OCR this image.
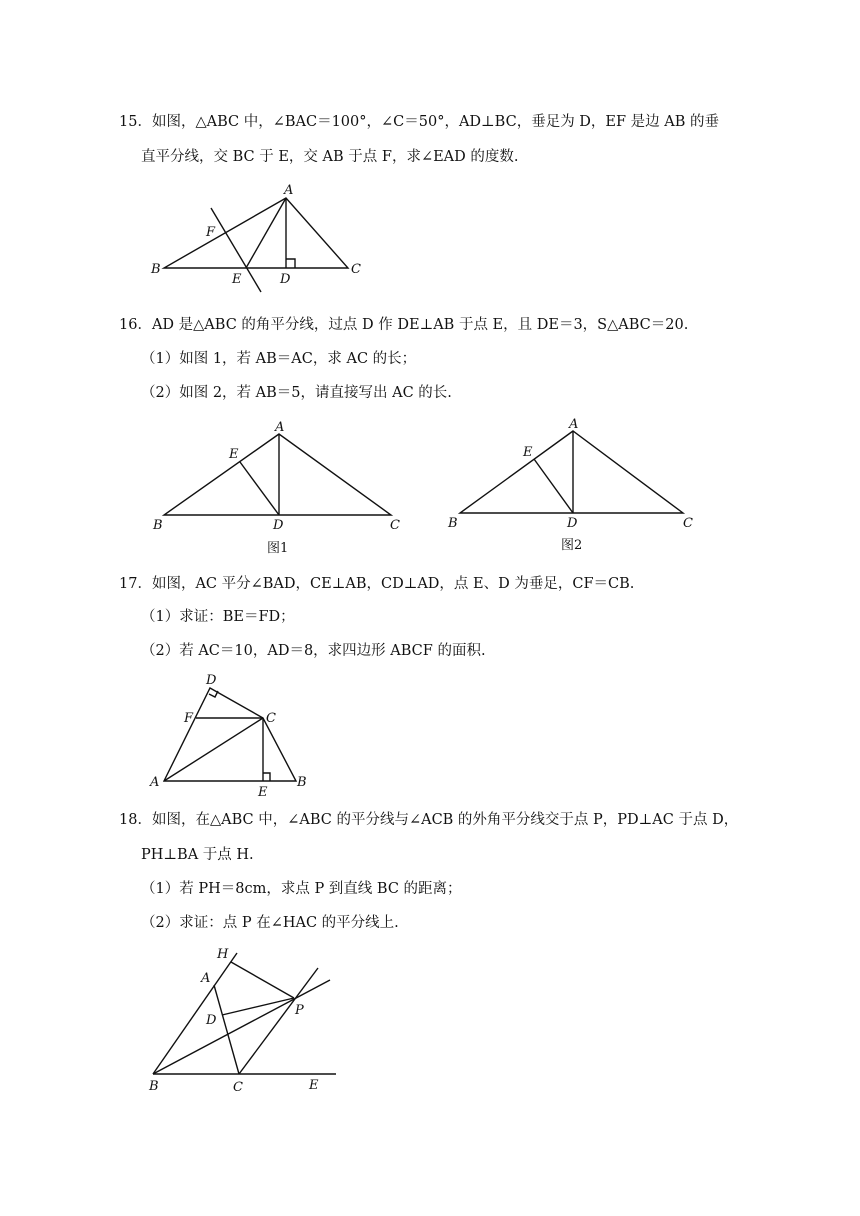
15．如图，△ABC 中，∠BAC＝100°，∠C＝50°，AD⊥BC，垂足为 D，EF 是边 AB 的垂
直平分线，交 BC 于 E，交 AB 于点 F，求∠EAD 的度数.
A
B	C
D
E
F
16．AD 是△ABC 的角平分线，过点 D 作 DE⊥AB 于点 E，且 DE＝3，S△ABC＝20.
（1）如图 1，若 AB＝AC，求 AC 的长；
（2）如图 2，若 AB＝5，请直接写出 AC 的长.
A
B	C
D
E
图1
A
B	C
D
E
图2
17．如图，AC 平分∠BAD，CE⊥AB，CD⊥AD，点 E、D 为垂足，CF＝CB.
（1）求证：BE＝FD；
（2）若 AC＝10，AD＝8，求四边形 ABCF 的面积.
D
F	C
A	B
E
18．如图，在△ABC 中，∠ABC 的平分线与∠ACB 的外角平分线交于点 P，PD⊥AC 于点 D，
PH⊥BA 于点 H.
（1）若 PH＝8cm，求点 P 到直线 BC 的距离；
（2）求证：点 P 在∠HAC 的平分线上.
H
A
D
P
B	C	E
